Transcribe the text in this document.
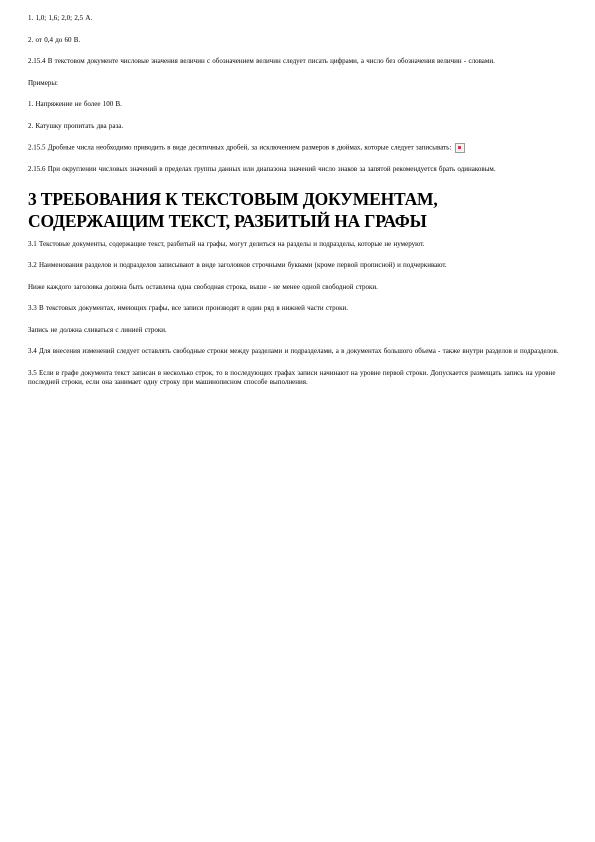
1. 1,0; 1,6; 2,0; 2,5 А.

2. от 0,4 до 60 В.

2.15.4 В текстовом документе числовые значения величин с обозначением величин следует писать цифрами, а число без обозначения величин - словами.

Примеры:

1. Напряжение не более 100 В.

2. Катушку пропитать два раза.

2.15.5 Дробные числа необходимо приводить в виде десятичных дробей, за исключением размеров в дюймах, которые следует записывать:

2.15.6 При округлении числовых значений в пределах группы данных или диапазона значений число знаков за запятой рекомендуется брать одинаковым.

3 ТРЕБОВАНИЯ К ТЕКСТОВЫМ ДОКУМЕНТАМ, СОДЕРЖАЩИМ ТЕКСТ, РАЗБИТЫЙ НА ГРАФЫ

3.1 Текстовые документы, содержащие текст, разбитый на графы, могут делиться на разделы и подразделы, которые не нумеруют.

3.2 Наименования разделов и подразделов записывают в виде заголовков строчными буквами (кроме первой прописной) и подчеркивают.

Ниже каждого заголовка должна быть оставлена одна свободная строка, выше - не менее одной свободной строки.

3.3 В текстовых документах, имеющих графы, все записи производят в один ряд в нижней части строки.

Запись не должна сливаться с линией строки.

3.4 Для внесения изменений следует оставлять свободные строки между разделами и подразделами, а в документах большого объема - также внутри разделов и подразделов.

3.5 Если в графе документа текст записан в несколько строк, то в последующих графах записи начинают на уровне первой строки. Допускается размещать запись на уровне последней строки, если она занимает одну строку при машинописном способе выполнения.
